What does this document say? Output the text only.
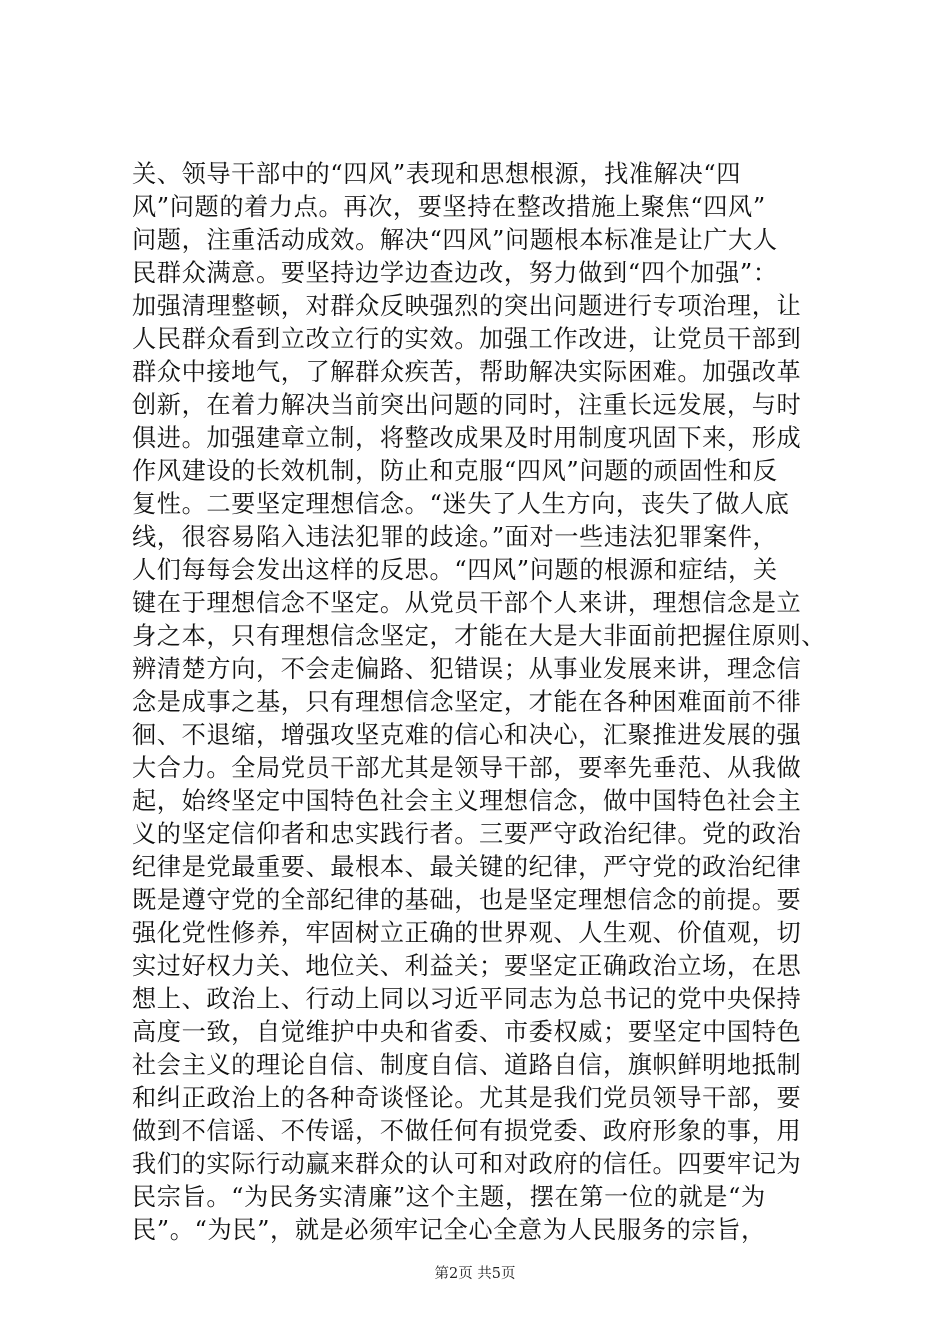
关、领导干部中的“四风”表现和思想根源，找准解决“四
风”问题的着力点。再次，要坚持在整改措施上聚焦“四风”
问题，注重活动成效。解决“四风”问题根本标准是让广大人
民群众满意。要坚持边学边查边改，努力做到“四个加强”：
加强清理整顿，对群众反映强烈的突出问题进行专项治理，让
人民群众看到立改立行的实效。加强工作改进，让党员干部到
群众中接地气，了解群众疾苦，帮助解决实际困难。加强改革
创新，在着力解决当前突出问题的同时，注重长远发展，与时
俱进。加强建章立制，将整改成果及时用制度巩固下来，形成
作风建设的长效机制，防止和克服“四风”问题的顽固性和反
复性。二要坚定理想信念。“迷失了人生方向，丧失了做人底
线，很容易陷入违法犯罪的歧途。”面对一些违法犯罪案件，
人们每每会发出这样的反思。“四风”问题的根源和症结，关
键在于理想信念不坚定。从党员干部个人来讲，理想信念是立
身之本，只有理想信念坚定，才能在大是大非面前把握住原则、
辨清楚方向，不会走偏路、犯错误；从事业发展来讲，理念信
念是成事之基，只有理想信念坚定，才能在各种困难面前不徘
徊、不退缩，增强攻坚克难的信心和决心，汇聚推进发展的强
大合力。全局党员干部尤其是领导干部，要率先垂范、从我做
起，始终坚定中国特色社会主义理想信念，做中国特色社会主
义的坚定信仰者和忠实践行者。三要严守政治纪律。党的政治
纪律是党最重要、最根本、最关键的纪律，严守党的政治纪律
既是遵守党的全部纪律的基础，也是坚定理想信念的前提。要
强化党性修养，牢固树立正确的世界观、人生观、价值观，切
实过好权力关、地位关、利益关；要坚定正确政治立场，在思
想上、政治上、行动上同以习近平同志为总书记的党中央保持
高度一致，自觉维护中央和省委、市委权威；要坚定中国特色
社会主义的理论自信、制度自信、道路自信，旗帜鲜明地抵制
和纠正政治上的各种奇谈怪论。尤其是我们党员领导干部，要
做到不信谣、不传谣，不做任何有损党委、政府形象的事，用
我们的实际行动赢来群众的认可和对政府的信任。四要牢记为
民宗旨。“为民务实清廉”这个主题，摆在第一位的就是“为
民”。“为民”，就是必须牢记全心全意为人民服务的宗旨，
第2页 共5页
